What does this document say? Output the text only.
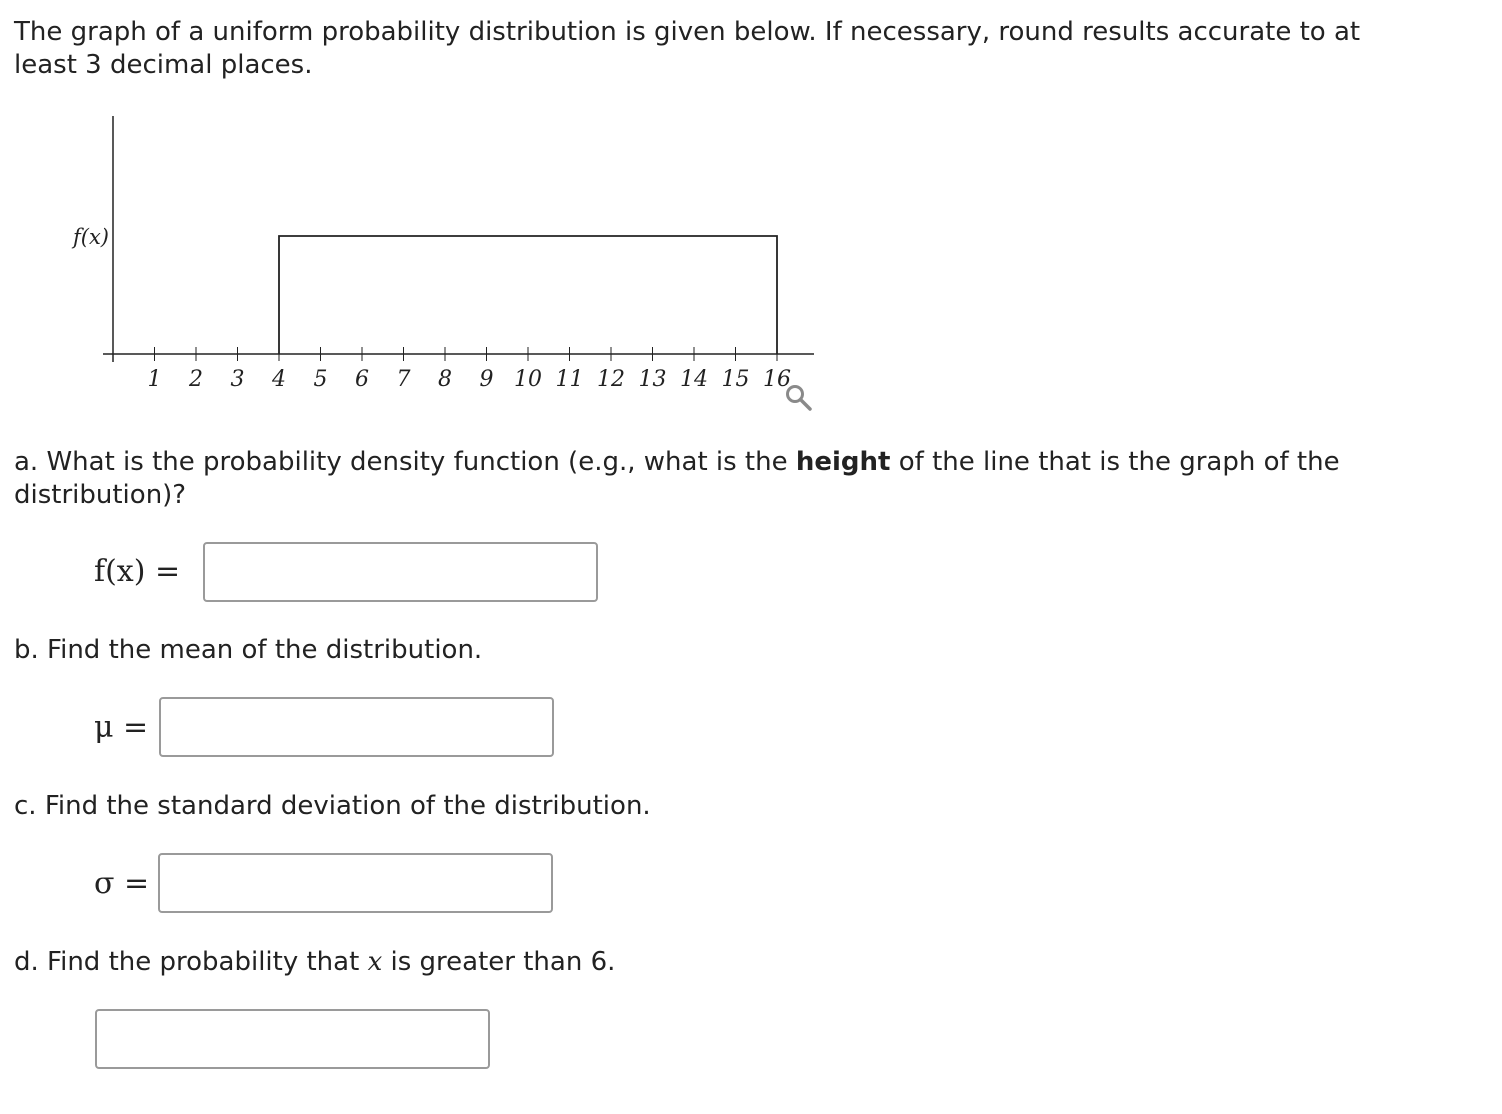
The graph of a uniform probability distribution is given below. If necessary, round results accurate to at least 3 decimal places.
1 2 3 4 5 6 7 8 9 10 11 12 13 14 15 16
f(x)
a. What is the probability density function (e.g., what is the height of the line that is the graph of the distribution)?
f(x) =
b. Find the mean of the distribution.
μ =
c. Find the standard deviation of the distribution.
σ =
d. Find the probability that x is greater than 6.
